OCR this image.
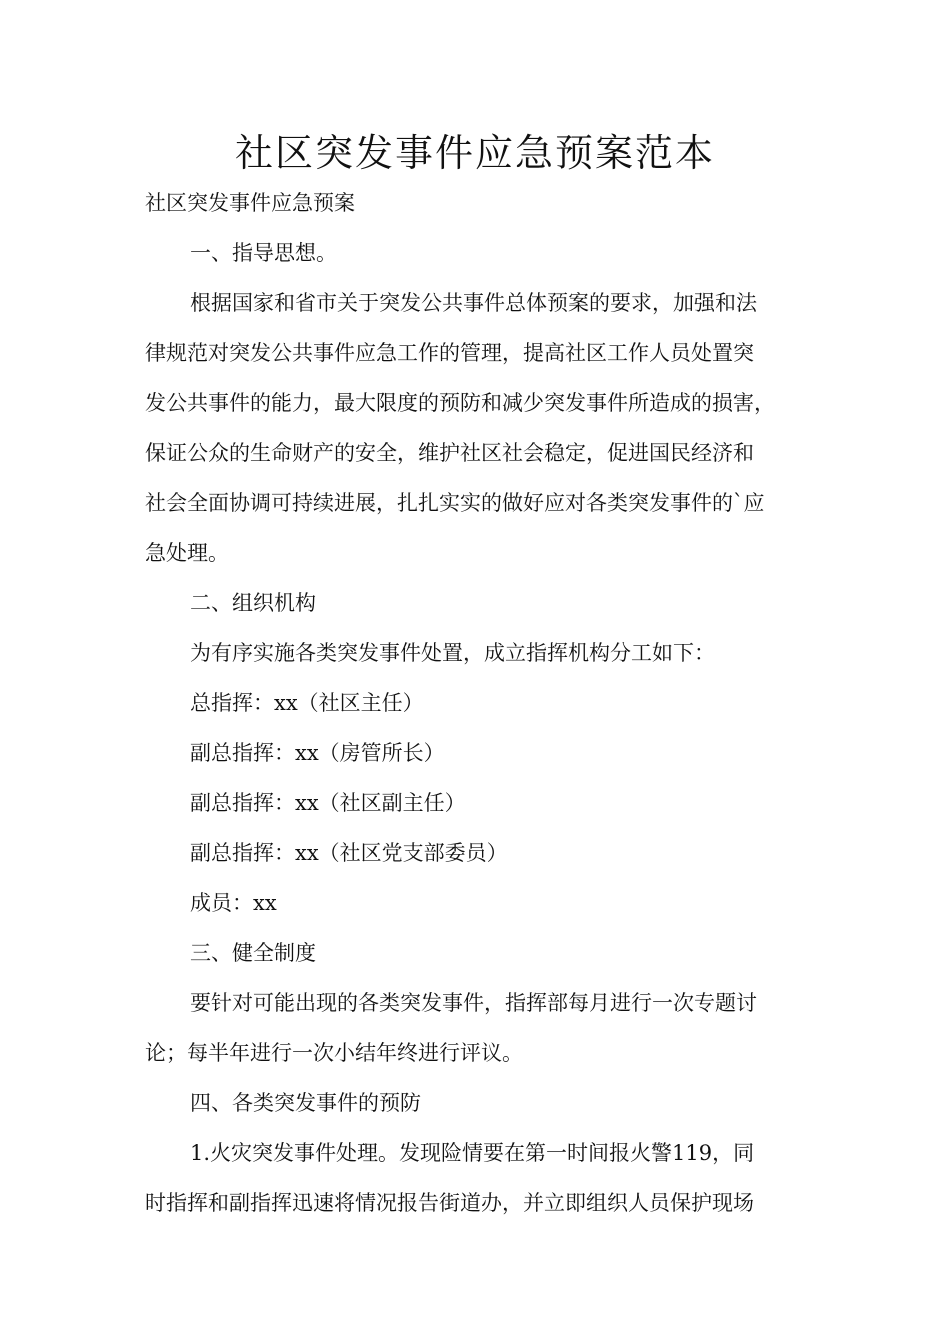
社区突发事件应急预案范本

社区突发事件应急预案

一、指导思想。

根据国家和省市关于突发公共事件总体预案的要求，加强和法

律规范对突发公共事件应急工作的管理，提高社区工作人员处置突

发公共事件的能力，最大限度的预防和减少突发事件所造成的损害，

保证公众的生命财产的安全，维护社区社会稳定，促进国民经济和

社会全面协调可持续进展，扎扎实实的做好应对各类突发事件的`应

急处理。

二、组织机构

为有序实施各类突发事件处置，成立指挥机构分工如下：

总指挥：xx（社区主任）

副总指挥：xx（房管所长）

副总指挥：xx（社区副主任）

副总指挥：xx（社区党支部委员）

成员：xx

三、健全制度

要针对可能出现的各类突发事件，指挥部每月进行一次专题讨

论；每半年进行一次小结年终进行评议。

四、各类突发事件的预防

1.火灾突发事件处理。发现险情要在第一时间报火警119，同

时指挥和副指挥迅速将情况报告街道办，并立即组织人员保护现场
